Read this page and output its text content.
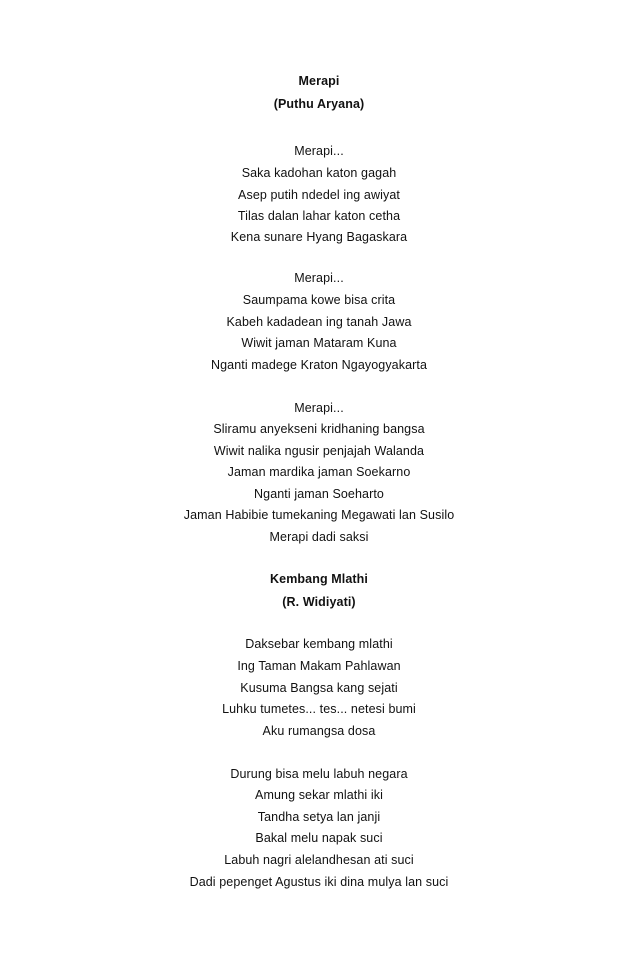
Merapi
(Puthu Aryana)
Merapi...
Saka kadohan katon gagah
Asep putih ndedel ing awiyat
Tilas dalan lahar katon cetha
Kena sunare Hyang Bagaskara
Merapi...
Saumpama kowe bisa crita
Kabeh kadadean ing tanah Jawa
Wiwit jaman Mataram Kuna
Nganti madege Kraton Ngayogyakarta
Merapi...
Sliramu anyekseni kridhaning bangsa
Wiwit nalika ngusir penjajah Walanda
Jaman mardika jaman Soekarno
Nganti jaman Soeharto
Jaman Habibie tumekaning Megawati lan Susilo
Merapi dadi saksi
Kembang Mlathi
(R. Widiyati)
Daksebar kembang mlathi
Ing Taman Makam Pahlawan
Kusuma Bangsa kang sejati
Luhku tumetes... tes... netesi bumi
Aku rumangsa dosa
Durung bisa melu labuh negara
Amung sekar mlathi iki
Tandha setya lan janji
Bakal melu napak suci
Labuh nagri alelandhesan ati suci
Dadi pepenget Agustus iki dina mulya lan suci
